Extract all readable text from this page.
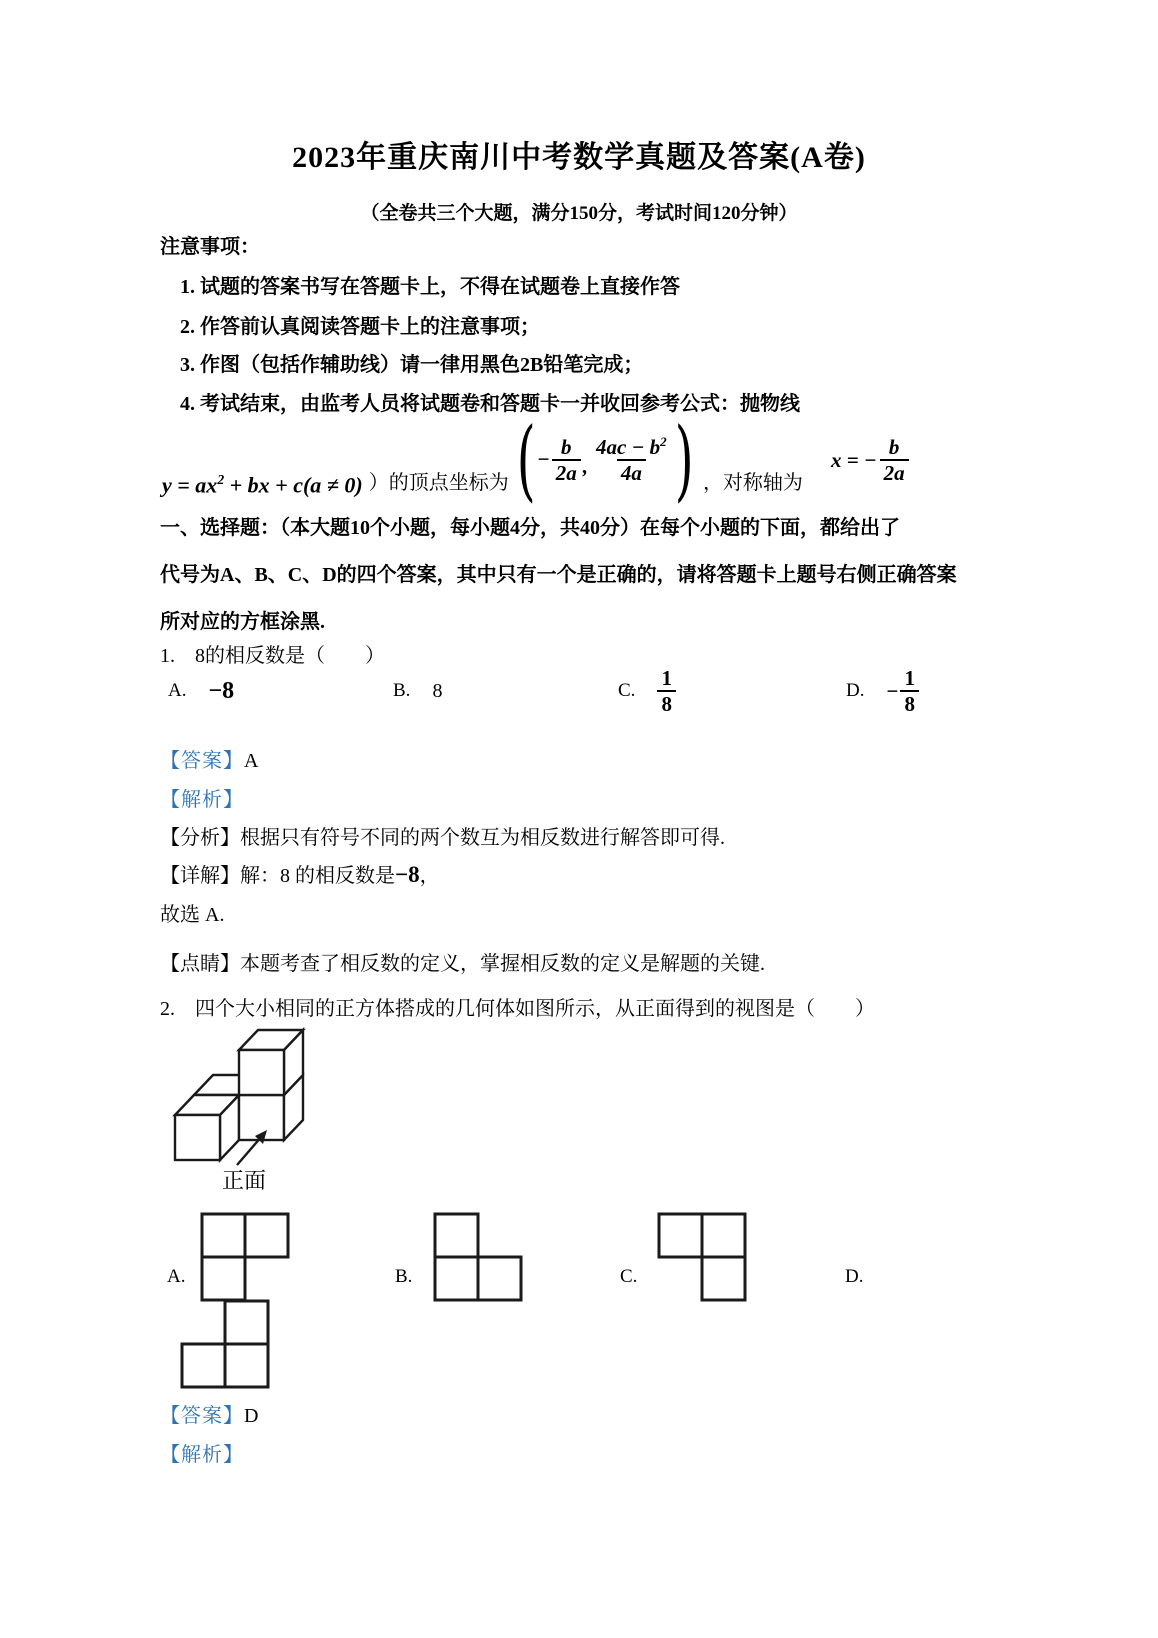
2023年重庆南川中考数学真题及答案(A卷)
（全卷共三个大题，满分150分，考试时间120分钟）
注意事项：
1. 试题的答案书写在答题卡上，不得在试题卷上直接作答
2. 作答前认真阅读答题卡上的注意事项；
3. 作图（包括作辅助线）请一律用黑色2B铅笔完成；
4. 考试结束，由监考人员将试题卷和答题卡一并收回参考公式：抛物线
$y = ax^2$ + bx + c(a ≠ 0) ）的顶点坐标为 ( − $\frac{b}{2a}$ , $\frac{4ac - b^2}{4a}$ ) ，对称轴为
x = − $\frac{b}{2a}$
一、选择题：（本大题10个小题，每小题4分，共40分）在每个小题的下面，都给出了
代号为A、B、C、D的四个答案，其中只有一个是正确的，请将答题卡上题号右侧正确答案
所对应的方框涂黑.
1.　8的相反数是（　　）
A. −8	B. 8	C. $\frac{1}{8}$	D. − $\frac{1}{8}$
【答案】A
【解析】
【分析】根据只有符号不同的两个数互为相反数进行解答即可得.
【详解】解：8 的相反数是−8，
故选 A.
【点睛】本题考查了相反数的定义，掌握相反数的定义是解题的关键.
2.　四个大小相同的正方体搭成的几何体如图所示，从正面得到的视图是（　　）
正面
A.	B.	C.	D.
【答案】D
【解析】
